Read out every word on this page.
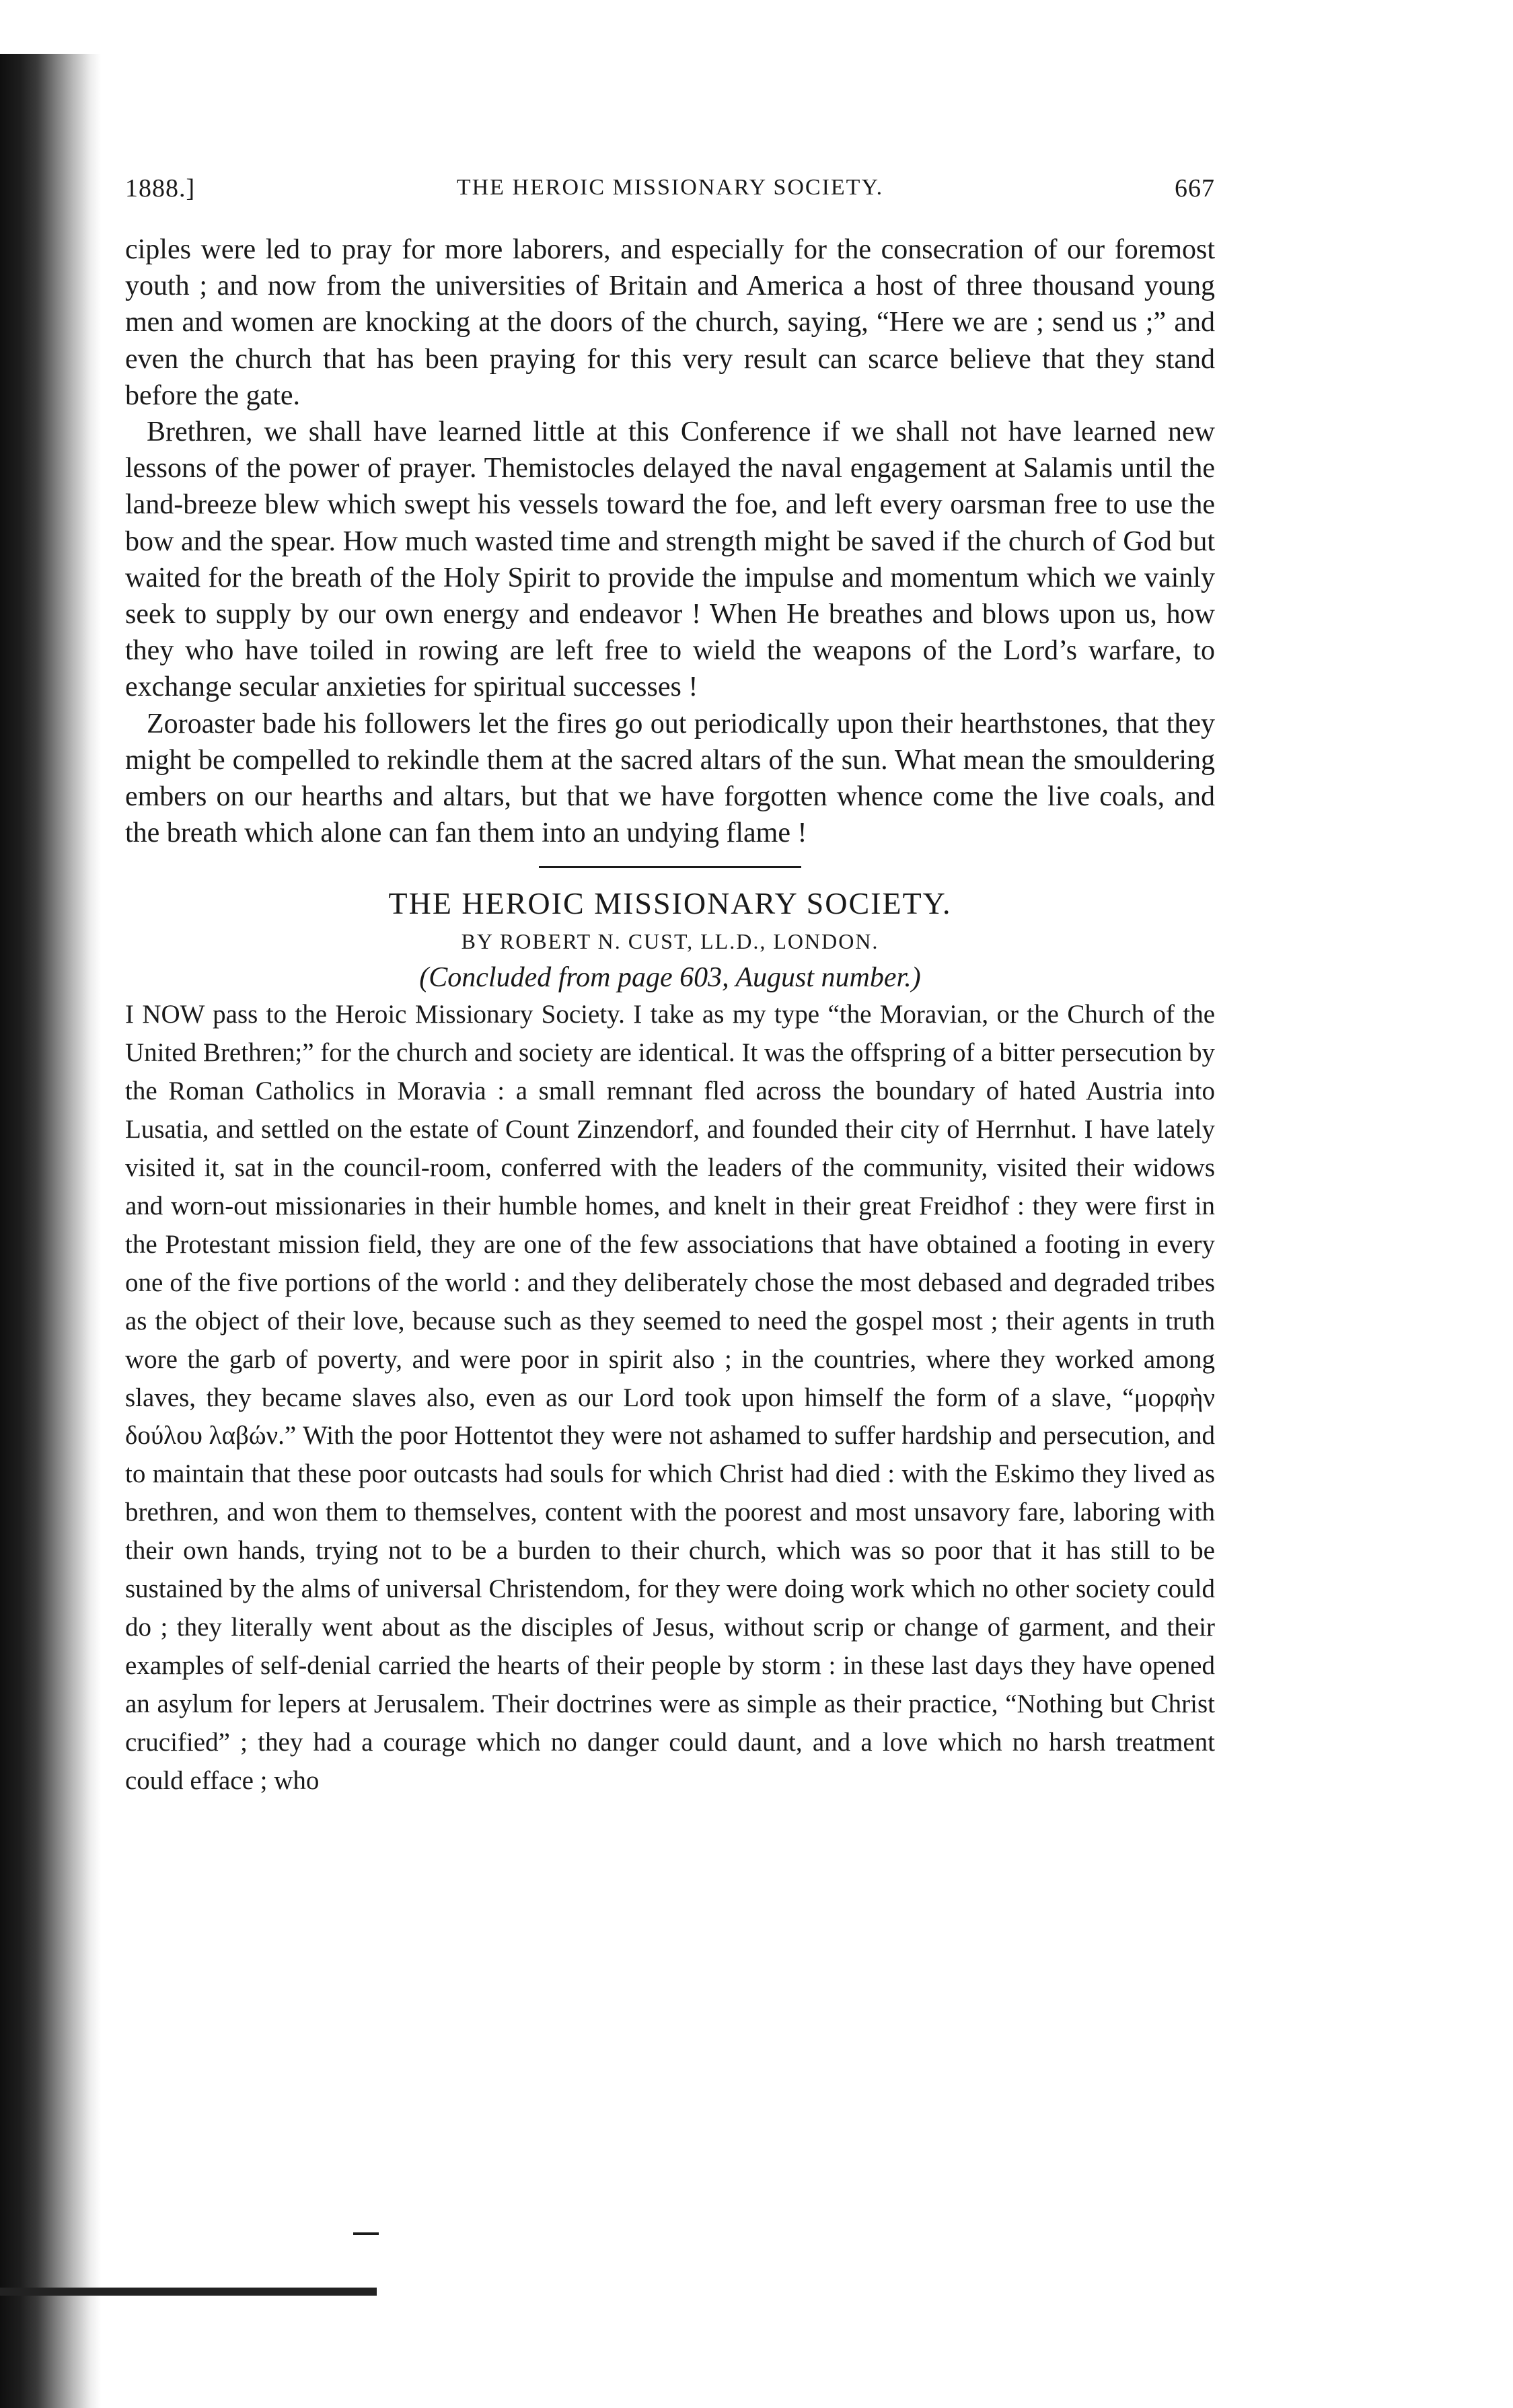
1888.]	THE HEROIC MISSIONARY SOCIETY.	667

ciples were led to pray for more laborers, and especially for the consecration of our foremost youth ; and now from the universities of Britain and America a host of three thousand young men and women are knocking at the doors of the church, saying, “Here we are ; send us ;” and even the church that has been praying for this very result can scarce believe that they stand before the gate.

Brethren, we shall have learned little at this Conference if we shall not have learned new lessons of the power of prayer. Themistocles delayed the naval engagement at Salamis until the land-breeze blew which swept his vessels toward the foe, and left every oarsman free to use the bow and the spear. How much wasted time and strength might be saved if the church of God but waited for the breath of the Holy Spirit to provide the impulse and momentum which we vainly seek to supply by our own energy and endeavor ! When He breathes and blows upon us, how they who have toiled in rowing are left free to wield the weapons of the Lord’s warfare, to exchange secular anxieties for spiritual successes !

Zoroaster bade his followers let the fires go out periodically upon their hearthstones, that they might be compelled to rekindle them at the sacred altars of the sun. What mean the smouldering embers on our hearths and altars, but that we have forgotten whence come the live coals, and the breath which alone can fan them into an undying flame !

THE HEROIC MISSIONARY SOCIETY.

BY ROBERT N. CUST, LL.D., LONDON.

(Concluded from page 603, August number.)

I NOW pass to the Heroic Missionary Society. I take as my type “the Moravian, or the Church of the United Brethren;” for the church and society are identical. It was the offspring of a bitter persecution by the Roman Catholics in Moravia : a small remnant fled across the boundary of hated Austria into Lusatia, and settled on the estate of Count Zinzendorf, and founded their city of Herrnhut. I have lately visited it, sat in the council-room, conferred with the leaders of the community, visited their widows and worn-out missionaries in their humble homes, and knelt in their great Freidhof : they were first in the Protestant mission field, they are one of the few associations that have obtained a footing in every one of the five portions of the world : and they deliberately chose the most debased and degraded tribes as the object of their love, because such as they seemed to need the gospel most ; their agents in truth wore the garb of poverty, and were poor in spirit also ; in the countries, where they worked among slaves, they became slaves also, even as our Lord took upon himself the form of a slave, “μορφὴν δούλου λαβών.” With the poor Hottentot they were not ashamed to suffer hardship and persecution, and to maintain that these poor outcasts had souls for which Christ had died : with the Eskimo they lived as brethren, and won them to themselves, content with the poorest and most unsavory fare, laboring with their own hands, trying not to be a burden to their church, which was so poor that it has still to be sustained by the alms of universal Christendom, for they were doing work which no other society could do ; they literally went about as the disciples of Jesus, without scrip or change of garment, and their examples of self-denial carried the hearts of their people by storm : in these last days they have opened an asylum for lepers at Jerusalem. Their doctrines were as simple as their practice, “Nothing but Christ crucified” ; they had a courage which no danger could daunt, and a love which no harsh treatment could efface ; who
